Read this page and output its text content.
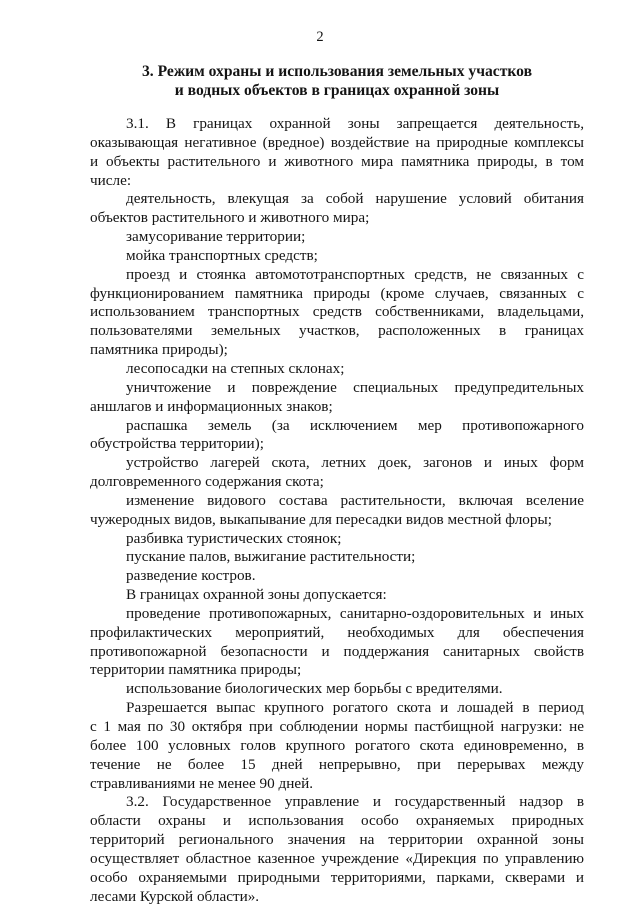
2
3. Режим охраны и использования земельных участков
и водных объектов в границах охранной зоны
3.1. В границах охранной зоны запрещается деятельность,
оказывающая негативное (вредное) воздействие на природные комплексы
и объекты растительного и животного мира памятника природы, в том
числе:
деятельность, влекущая за собой нарушение условий обитания
объектов растительного и животного мира;
замусоривание территории;
мойка транспортных средств;
проезд и стоянка автомототранспортных средств, не связанных с
функционированием памятника природы (кроме случаев, связанных с
использованием транспортных средств собственниками, владельцами,
пользователями земельных участков, расположенных в границах
памятника природы);
лесопосадки на степных склонах;
уничтожение и повреждение специальных предупредительных
аншлагов и информационных знаков;
распашка земель (за исключением мер противопожарного
обустройства территории);
устройство лагерей скота, летних доек, загонов и иных форм
долговременного содержания скота;
изменение видового состава растительности, включая вселение
чужеродных видов, выкапывание для пересадки видов местной флоры;
разбивка туристических стоянок;
пускание палов, выжигание растительности;
разведение костров.
В границах охранной зоны допускается:
проведение противопожарных, санитарно-оздоровительных и иных
профилактических мероприятий, необходимых для обеспечения
противопожарной безопасности и поддержания санитарных свойств
территории памятника природы;
использование биологических мер борьбы с вредителями.
Разрешается выпас крупного рогатого скота и лошадей в период
с 1 мая по 30 октября при соблюдении нормы пастбищной нагрузки: не
более 100 условных голов крупного рогатого скота единовременно, в
течение не более 15 дней непрерывно, при перерывах между
стравливаниями не менее 90 дней.
3.2. Государственное управление и государственный надзор в
области охраны и использования особо охраняемых природных
территорий регионального значения на территории охранной зоны
осуществляет областное казенное учреждение «Дирекция по управлению
особо охраняемыми природными территориями, парками, скверами и
лесами Курской области».
